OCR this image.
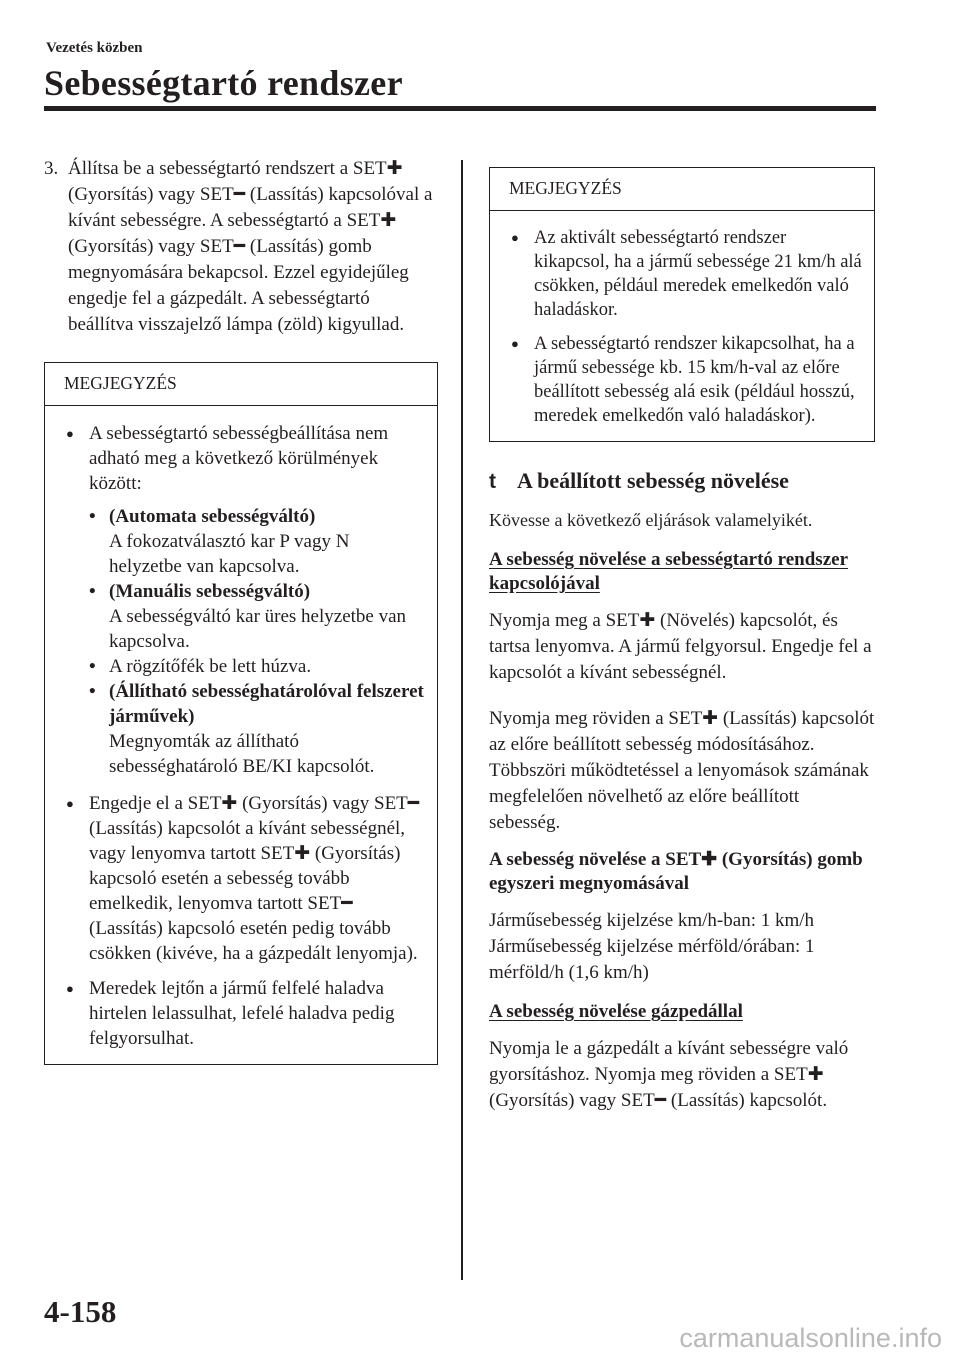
Vezetés közben
Sebességtartó rendszer
3. Állítsa be a sebességtartó rendszert a SET✚ (Gyorsítás) vagy SET━ (Lassítás) kapcsolóval a kívánt sebességre. A sebességtartó a SET✚ (Gyorsítás) vagy SET━ (Lassítás) gomb megnyomására bekapcsol. Ezzel egyidejűleg engedje fel a gázpedált. A sebességtartó beállítva visszajelző lámpa (zöld) kigyullad.
MEGJEGYZÉS
● A sebességtartó sebességbeállítása nem adható meg a következő körülmények között:
• (Automata sebességváltó)
A fokozatválasztó kar P vagy N helyzetbe van kapcsolva.
• (Manuális sebességváltó)
A sebességváltó kar üres helyzetbe van kapcsolva.
• A rögzítőfék be lett húzva.
• (Állítható sebességhatárolóval felszeret járművek)
Megnyomták az állítható sebességhatároló BE/KI kapcsolót.
● Engedje el a SET✚ (Gyorsítás) vagy SET━ (Lassítás) kapcsolót a kívánt sebességnél, vagy lenyomva tartott SET✚ (Gyorsítás) kapcsoló esetén a sebesség tovább emelkedik, lenyomva tartott SET━ (Lassítás) kapcsoló esetén pedig tovább csökken (kivéve, ha a gázpedált lenyomja).
● Meredek lejtőn a jármű felfelé haladva hirtelen lelassulhat, lefelé haladva pedig felgyorsulhat.
MEGJEGYZÉS
● Az aktivált sebességtartó rendszer kikapcsol, ha a jármű sebessége 21 km/h alá csökken, például meredek emelkedőn való haladáskor.
● A sebességtartó rendszer kikapcsolhat, ha a jármű sebessége kb. 15 km/h-val az előre beállított sebesség alá esik (például hosszú, meredek emelkedőn való haladáskor).
t A beállított sebesség növelése
Kövesse a következő eljárások valamelyikét.
A sebesség növelése a sebességtartó rendszer kapcsolójával
Nyomja meg a SET✚ (Növelés) kapcsolót, és tartsa lenyomva. A jármű felgyorsul. Engedje fel a kapcsolót a kívánt sebességnél.
Nyomja meg röviden a SET✚ (Lassítás) kapcsolót az előre beállított sebesség módosításához. Többszöri működtetéssel a lenyomások számának megfelelően növelhető az előre beállított sebesség.
A sebesség növelése a SET✚ (Gyorsítás) gomb egyszeri megnyomásával
Járműsebesség kijelzése km/h-ban: 1 km/h
Járműsebesség kijelzése mérföld/órában: 1 mérföld/h (1,6 km/h)
A sebesség növelése gázpedállal
Nyomja le a gázpedált a kívánt sebességre való gyorsításhoz. Nyomja meg röviden a SET✚ (Gyorsítás) vagy SET━ (Lassítás) kapcsolót.
4-158
carmanualsonline.info
